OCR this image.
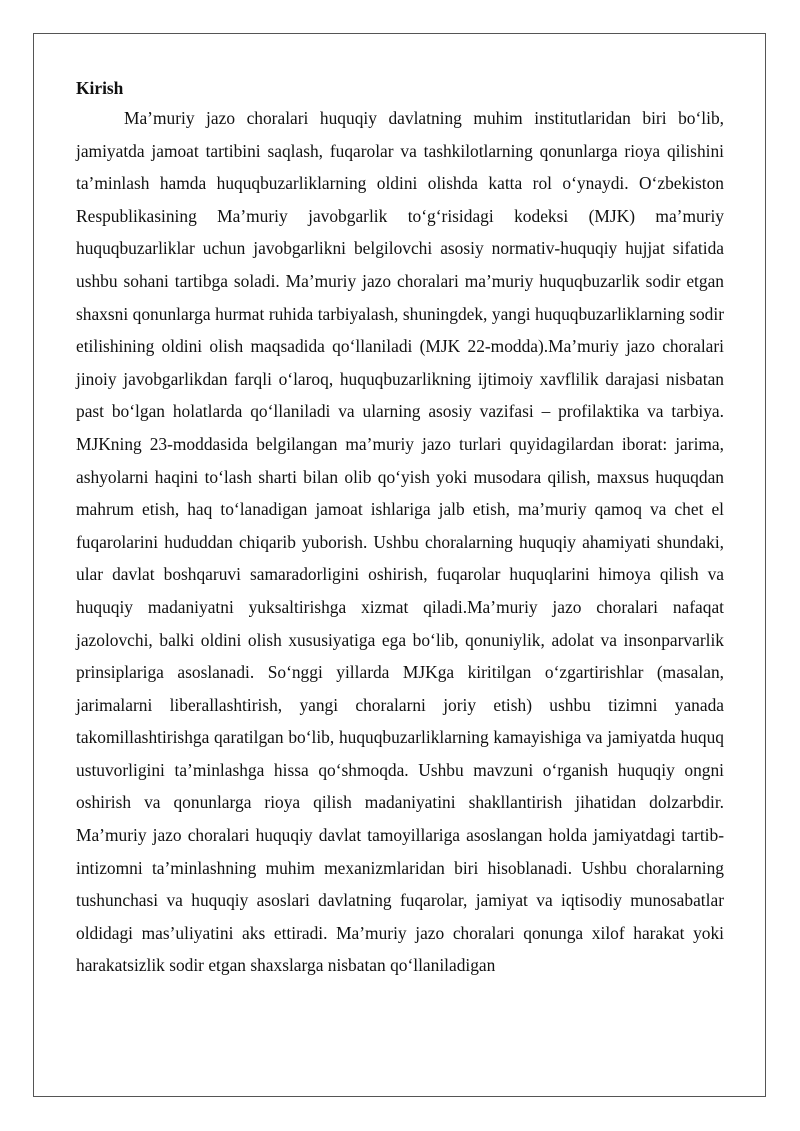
Kirish

Ma’muriy jazo choralari huquqiy davlatning muhim institutlaridan biri bo‘lib, jamiyatda jamoat tartibini saqlash, fuqarolar va tashkilotlarning qonunlarga rioya qilishini ta’minlash hamda huquqbuzarliklarning oldini olishda katta rol o‘ynaydi. O‘zbekiston Respublikasining Ma’muriy javobgarlik to‘g‘risidagi kodeksi (MJK) ma’muriy huquqbuzarliklar uchun javobgarlikni belgilovchi asosiy normativ-huquqiy hujjat sifatida ushbu sohani tartibga soladi. Ma’muriy jazo choralari ma’muriy huquqbuzarlik sodir etgan shaxsni qonunlarga hurmat ruhida tarbiyalash, shuningdek, yangi huquqbuzarliklarning sodir etilishining oldini olish maqsadida qo‘llaniladi (MJK 22-modda).Ma’muriy jazo choralari jinoiy javobgarlikdan farqli o‘laroq, huquqbuzarlikning ijtimoiy xavflilik darajasi nisbatan past bo‘lgan holatlarda qo‘llaniladi va ularning asosiy vazifasi – profilaktika va tarbiya. MJKning 23-moddasida belgilangan ma’muriy jazo turlari quyidagilardan iborat: jarima, ashyolarni haqini to‘lash sharti bilan olib qo‘yish yoki musodara qilish, maxsus huquqdan mahrum etish, haq to‘lanadigan jamoat ishlariga jalb etish, ma’muriy qamoq va chet el fuqarolarini hududdan chiqarib yuborish. Ushbu choralarning huquqiy ahamiyati shundaki, ular davlat boshqaruvi samaradorligini oshirish, fuqarolar huquqlarini himoya qilish va huquqiy madaniyatni yuksaltirishga xizmat qiladi.Ma’muriy jazo choralari nafaqat jazolovchi, balki oldini olish xususiyatiga ega bo‘lib, qonuniylik, adolat va insonparvarlik prinsiplariga asoslanadi. So‘nggi yillarda MJKga kiritilgan o‘zgartirishlar (masalan, jarimalarni liberallashtirish, yangi choralarni joriy etish) ushbu tizimni yanada takomillashtirishga qaratilgan bo‘lib, huquqbuzarliklarning kamayishiga va jamiyatda huquq ustuvorligini ta’minlashga hissa qo‘shmoqda. Ushbu mavzuni o‘rganish huquqiy ongni oshirish va qonunlarga rioya qilish madaniyatini shakllantirish jihatidan dolzarbdir. Ma’muriy jazo choralari huquqiy davlat tamoyillariga asoslangan holda jamiyatdagi tartib-intizomni ta’minlashning muhim mexanizmlaridan biri hisoblanadi. Ushbu choralarning tushunchasi va huquqiy asoslari davlatning fuqarolar, jamiyat va iqtisodiy munosabatlar oldidagi mas’uliyatini aks ettiradi. Ma’muriy jazo choralari qonunga xilof harakat yoki harakatsizlik sodir etgan shaxslarga nisbatan qo‘llaniladigan
